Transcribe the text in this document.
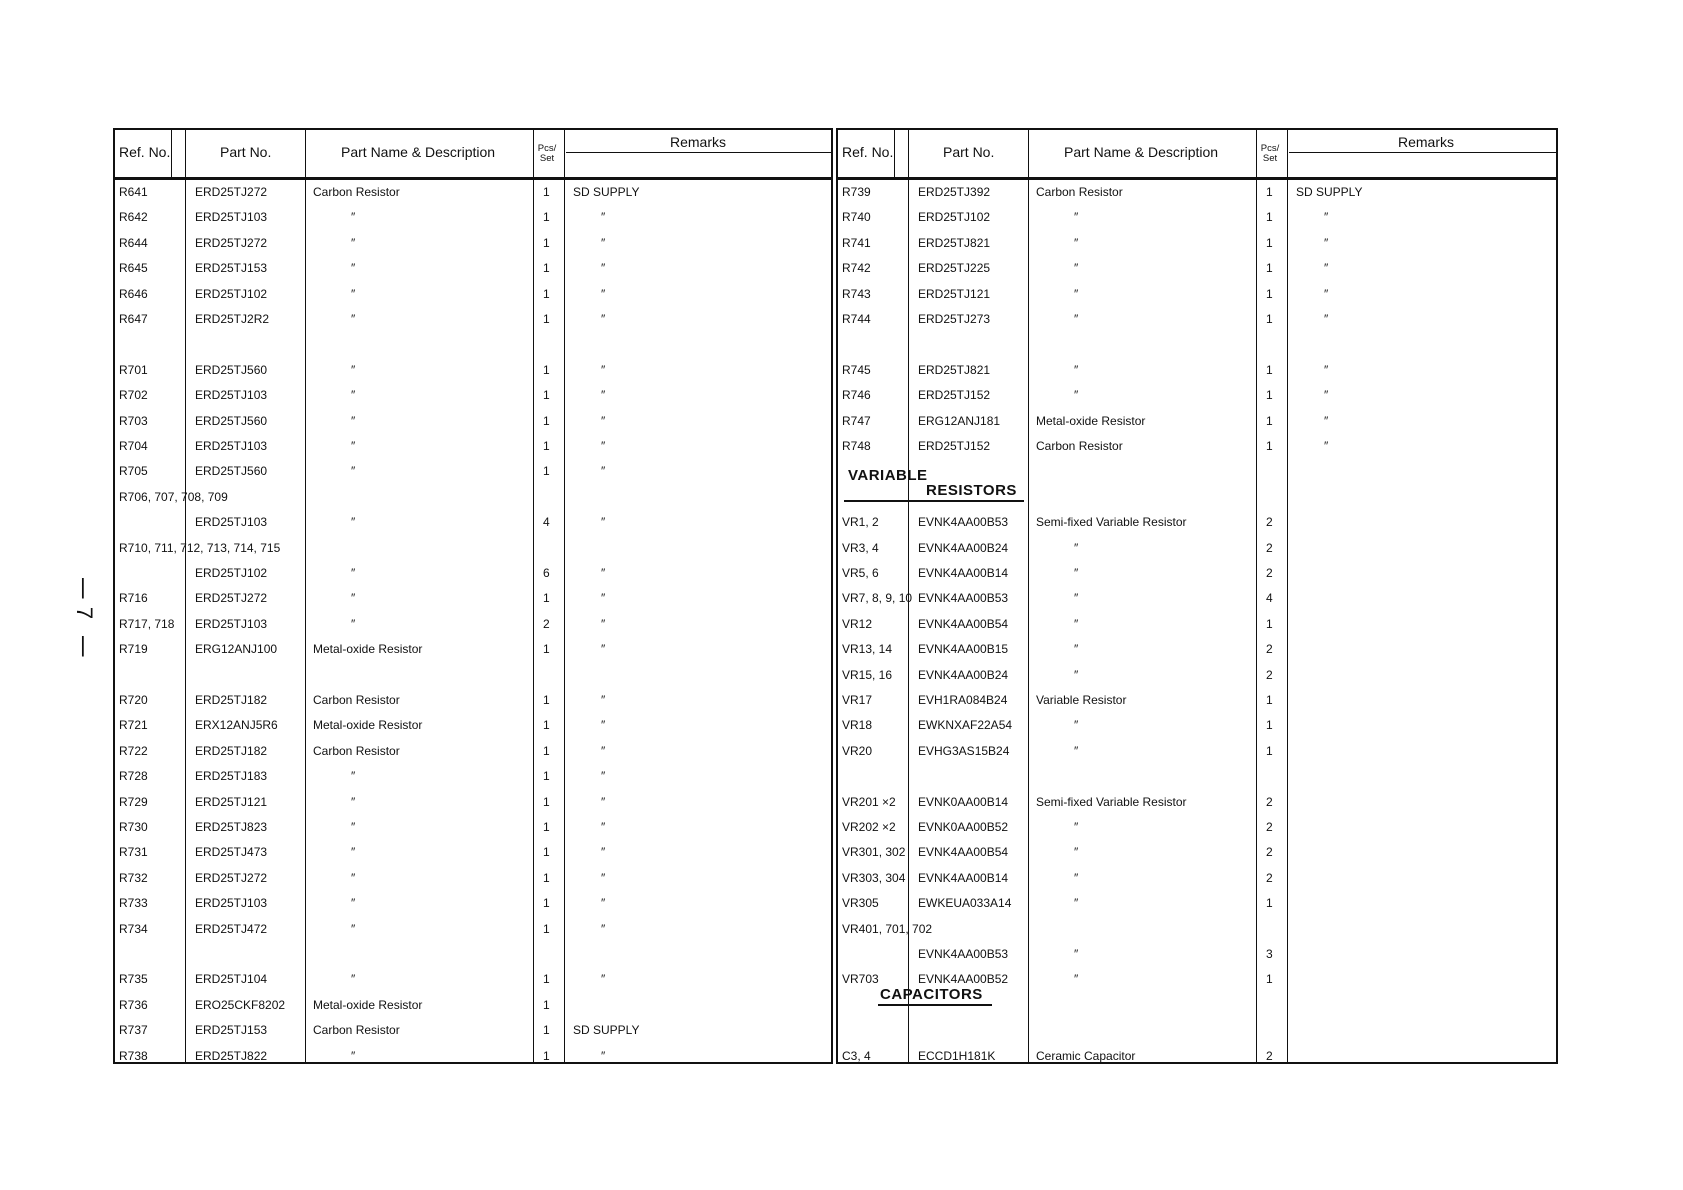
|
7
|
Ref. No.	Part No.	Part Name & Description	Pcs/
Set
Remarks
R641	ERD25TJ272	Carbon Resistor	1 SD SUPPLY
R642	ERD25TJ103	″	1	″
R644	ERD25TJ272	″	1	″
R645	ERD25TJ153	″	1	″
R646	ERD25TJ102	″	1	″
R647	ERD25TJ2R2	″	1	″
R701	ERD25TJ560	″	1	″
R702	ERD25TJ103	″	1	″
R703	ERD25TJ560	″	1	″
R704	ERD25TJ103	″	1	″
R705	ERD25TJ560	″	1	″
R706, 707, 708, 709
ERD25TJ103	″	4	″
R710, 711, 712, 713, 714, 715
ERD25TJ102	″	6	″
R716	ERD25TJ272	″	1	″
R717, 718 ERD25TJ103	″	2	″
R719	ERG12ANJ100	Metal-oxide Resistor	1	″
R720	ERD25TJ182	Carbon Resistor	1	″
R721	ERX12ANJ5R6	Metal-oxide Resistor	1	″
R722	ERD25TJ182	Carbon Resistor	1	″
R728	ERD25TJ183	″	1	″
R729	ERD25TJ121	″	1	″
R730	ERD25TJ823	″	1	″
R731	ERD25TJ473	″	1	″
R732	ERD25TJ272	″	1	″
R733	ERD25TJ103	″	1	″
R734	ERD25TJ472	″	1	″
R735	ERD25TJ104	″	1	″
R736	ERO25CKF8202 Metal-oxide Resistor	1
R737	ERD25TJ153	Carbon Resistor	1 SD SUPPLY
R738	ERD25TJ822	″	1	″
Ref. No.	Part No.	Part Name & Description	Pcs/
Set
Remarks
R739	ERD25TJ392	Carbon Resistor	1 SD SUPPLY
R740	ERD25TJ102	″	1	″
R741	ERD25TJ821	″	1	″
R742	ERD25TJ225	″	1	″
R743	ERD25TJ121	″	1	″
R744	ERD25TJ273	″	1	″
R745	ERD25TJ821	″	1	″
R746	ERD25TJ152	″	1	″
R747	ERG12ANJ181	Metal-oxide Resistor	1	″
R748	ERD25TJ152	Carbon Resistor	1	″
VR1, 2	EVNK4AA00B53 Semi-fixed Variable Resistor	2
VR3, 4	EVNK4AA00B24	″	2
VR5, 6	EVNK4AA00B14	″	2
VR7, 8, 9, 10 EVNK4AA00B53	″	4
VR12	EVNK4AA00B54	″	1
VR13, 14 EVNK4AA00B15	″	2
VR15, 16 EVNK4AA00B24	″	2
VR17	EVH1RA084B24 Variable Resistor	1
VR18	EWKNXAF22A54	″	1
VR20	EVHG3AS15B24	″	1
VR201 ×2 EVNK0AA00B14 Semi-fixed Variable Resistor	2
VR202 ×2 EVNK0AA00B52	″	2
VR301, 302 EVNK4AA00B54	″	2
VR303, 304 EVNK4AA00B14	″	2
VR305	EWKEUA033A14	″	1
VR401, 701, 702
EVNK4AA00B53	″	3
VR703	EVNK4AA00B52	″	1
C3, 4	ECCD1H181K	Ceramic Capacitor	2
VARIABLE
RESISTORS
CAPACITORS
